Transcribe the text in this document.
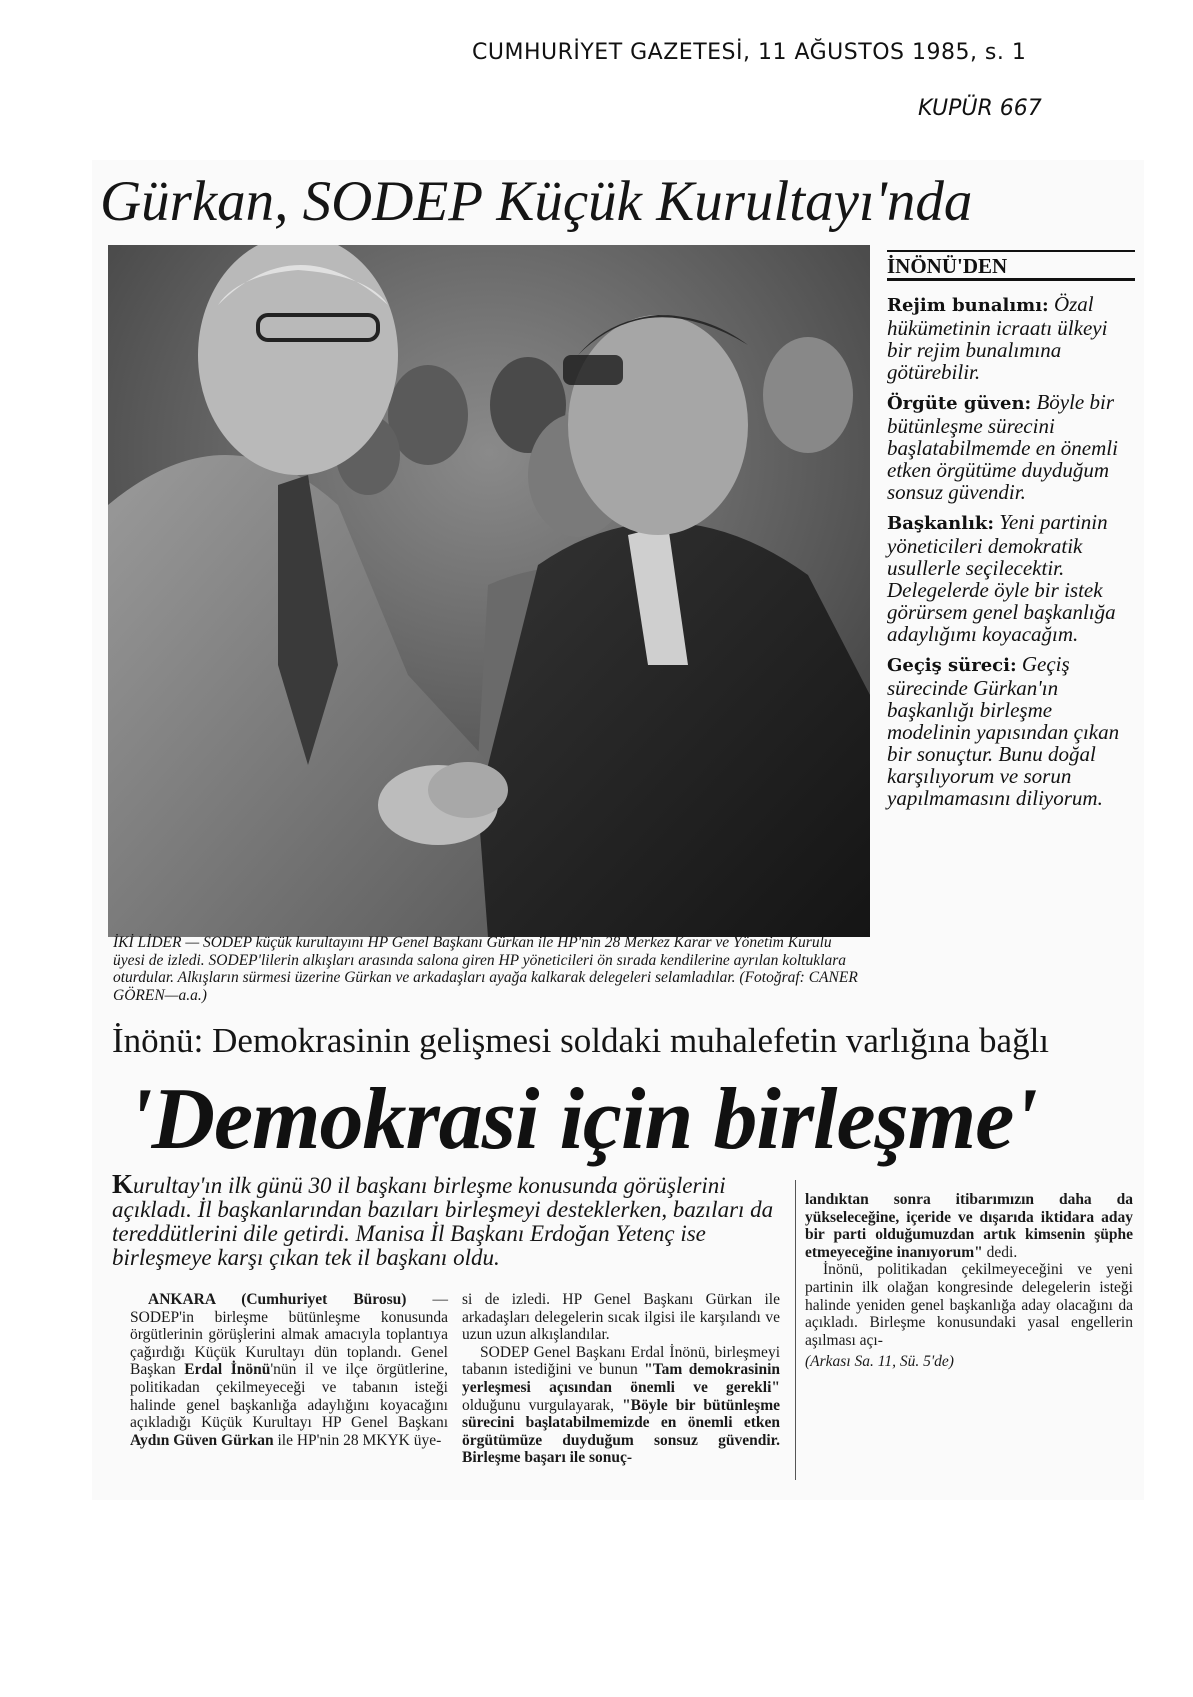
CUMHURİYET GAZETESİ, 11 AĞUSTOS 1985, s. 1
KUPÜR 667
Gürkan, SODEP Küçük Kurultayı'nda
İKİ LİDER — SODEP küçük kurultayını HP Genel Başkanı Gürkan ile HP'nin 28 Merkez Karar ve Yönetim Kurulu üyesi de izledi. SODEP'lilerin alkışları arasında salona giren HP yöneticileri ön sırada kendilerine ayrılan koltuklara oturdular. Alkışların sürmesi üzerine Gürkan ve arkadaşları ayağa kalkarak delegeleri selamladılar. (Fotoğraf: CANER GÖREN—a.a.)
İNÖNÜ'DEN
Rejim bunalımı: Özal hükümetinin icraatı ülkeyi bir rejim bunalımına götürebilir.
Örgüte güven: Böyle bir bütünleşme sürecini başlatabilmemde en önemli etken örgütüme duyduğum sonsuz güvendir.
Başkanlık: Yeni partinin yöneticileri demokratik usullerle seçilecektir. Delegelerde öyle bir istek görürsem genel başkanlığa adaylığımı koyacağım.
Geçiş süreci: Geçiş sürecinde Gürkan'ın başkanlığı birleşme modelinin yapısından çıkan bir sonuçtur. Bunu doğal karşılıyorum ve sorun yapılmamasını diliyorum.
İnönü: Demokrasinin gelişmesi soldaki muhalefetin varlığına bağlı
'Demokrasi için birleşme'
Kurultay'ın ilk günü 30 il başkanı birleşme konusunda görüşlerini açıkladı. İl başkanlarından bazıları birleşmeyi desteklerken, bazıları da tereddütlerini dile getirdi. Manisa İl Başkanı Erdoğan Yetenç ise birleşmeye karşı çıkan tek il başkanı oldu.
ANKARA (Cumhuriyet Bürosu) — SODEP'in birleşme bütünleşme konusunda örgütlerinin görüşlerini almak amacıyla toplantıya çağırdığı Küçük Kurultayı dün toplandı. Genel Başkan Erdal İnönü'nün il ve ilçe örgütlerine, politikadan çekilmeyeceği ve tabanın isteği halinde genel başkanlığa adaylığını koyacağını açıkladığı Küçük Kurultayı HP Genel Başkanı Aydın Güven Gürkan ile HP'nin 28 MKYK üye-
si de izledi. HP Genel Başkanı Gürkan ile arkadaşları delegelerin sıcak ilgisi ile karşılandı ve uzun uzun alkışlandılar.
SODEP Genel Başkanı Erdal İnönü, birleşmeyi tabanın istediğini ve bunun "Tam demokrasinin yerleşmesi açısından önemli ve gerekli" olduğunu vurgulayarak, "Böyle bir bütünleşme sürecini başlatabilmemizde en önemli etken örgütümüze duyduğum sonsuz güvendir. Birleşme başarı ile sonuç-
landıktan sonra itibarımızın daha da yükseleceğine, içeride ve dışarıda iktidara aday bir parti olduğumuzdan artık kimsenin şüphe etmeyeceğine inanıyorum" dedi.
İnönü, politikadan çekilmeyeceğini ve yeni partinin ilk olağan kongresinde delegelerin isteği halinde yeniden genel başkanlığa aday olacağını da açıkladı. Birleşme konusundaki yasal engellerin aşılması açı-
(Arkası Sa. 11, Sü. 5'de)
